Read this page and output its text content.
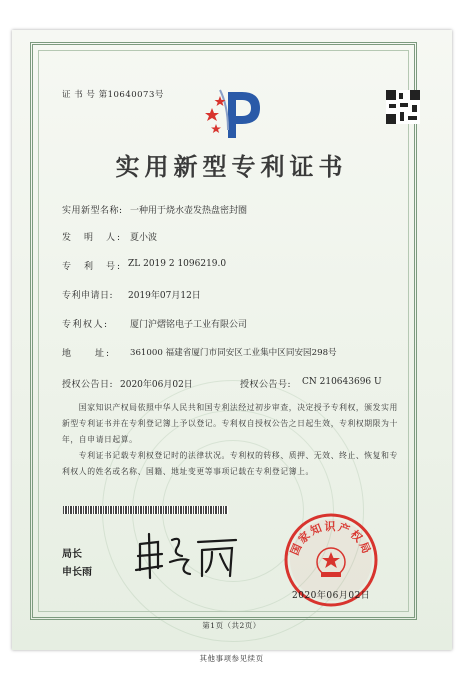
证 书 号 第10640073号
实用新型专利证书
实用新型名称: 一种用于烧水壶发热盘密封圈
发　明　人: 夏小波
专　利　号: ZL 2019 2 1096219.0
专利申请日: 2019年07月12日
专利权人: 厦门沪熠铭电子工业有限公司
地　　址: 361000 福建省厦门市同安区工业集中区同安园298号
授权公告日: 2020年06月02日	授权公告号: CN 210643696 U
　　国家知识产权局依照中华人民共和国专利法经过初步审查，决定授予专利权，颁发实用
新型专利证书并在专利登记簿上予以登记。专利权自授权公告之日起生效，专利权期限为十
年，自申请日起算。
　　专利证书记载专利权登记时的法律状况。专利权的转移、质押、无效、终止、恢复和专
利权人的姓名或名称、国籍、地址变更等事项记载在专利登记簿上。
局长
申长雨
国家知识产权局
2020年06月02日
第1页（共2页）
其他事项参见续页
